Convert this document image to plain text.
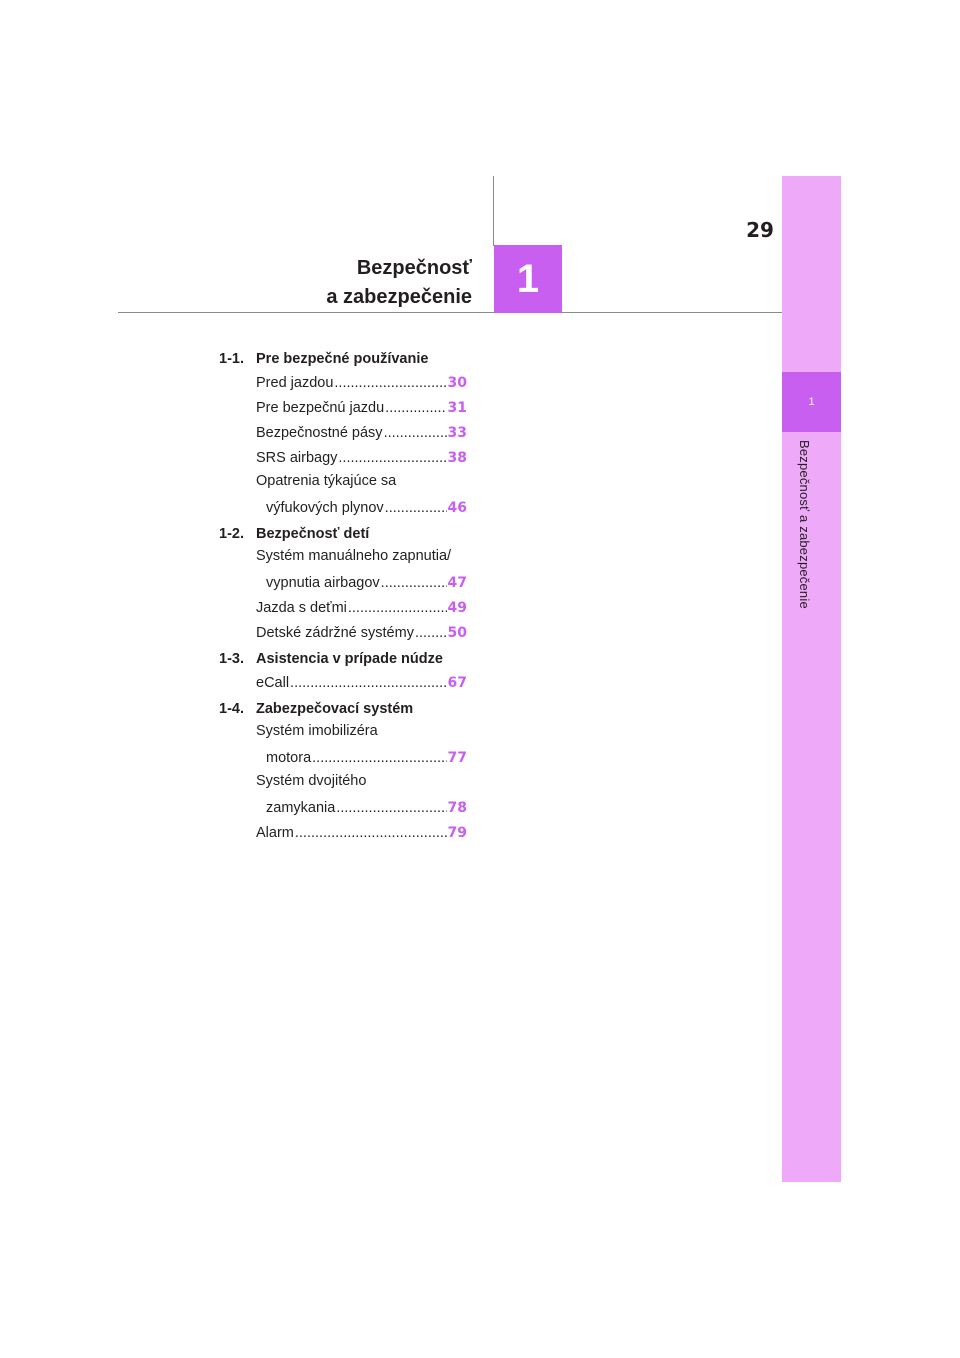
29
Bezpečnosť
a zabezpečenie	1
1
Bezpečnosť a zabezpečenie
1-1. Pre bezpečné používanie
Pred jazdou .....	30
Pre bezpečnú jazdu .....	31
Bezpečnostné pásy .....	33
SRS airbagy .....	38
Opatrenia týkajúce sa
výfukových plynov .....	46
1-2. Bezpečnosť detí
Systém manuálneho zapnutia/
vypnutia airbagov .....	47
Jazda s deťmi .....	49
Detské zádržné systémy ..... 50
1-3. Asistencia v prípade núdze
eCall .....	67
1-4. Zabezpečovací systém
Systém imobilizéra
motora .....	77
Systém dvojitého
zamykania .....	78
Alarm .....	79
